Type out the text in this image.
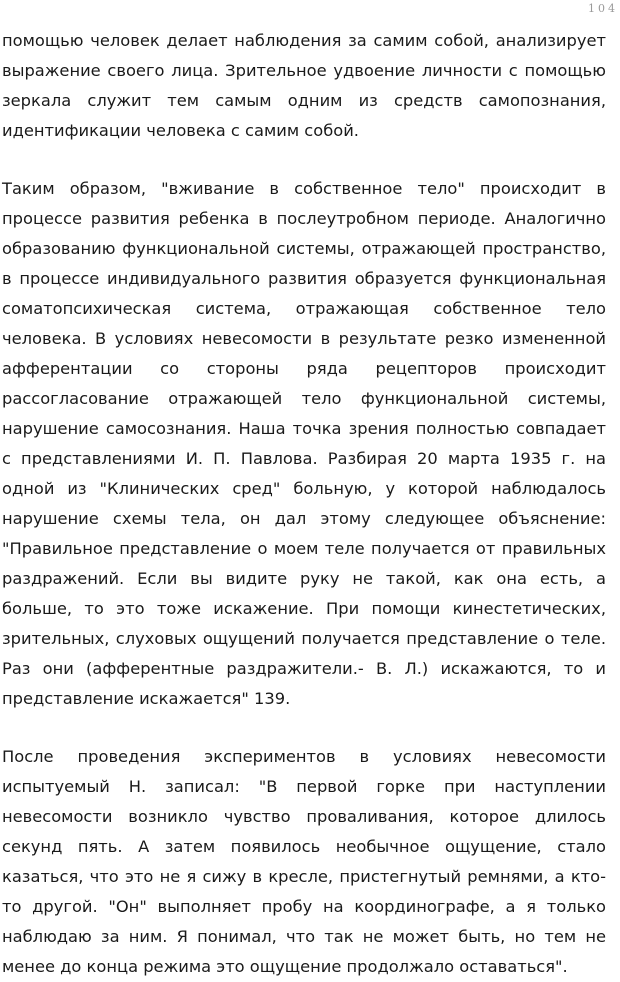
104
помощью человек делает наблюдения за самим собой, анализирует
выражение своего лица. Зрительное удвоение личности с помощью
зеркала служит тем самым одним из средств самопознания,
идентификации человека с самим собой.
Таким образом, "вживание в собственное тело" происходит в
процессе развития ребенка в послеутробном периоде. Аналогично
образованию функциональной системы, отражающей пространство,
в процессе индивидуального развития образуется функциональная
соматопсихическая система, отражающая собственное тело
человека. В условиях невесомости в результате резко измененной
афферентации со стороны ряда рецепторов происходит
рассогласование отражающей тело функциональной системы,
нарушение самосознания. Наша точка зрения полностью совпадает
с представлениями И. П. Павлова. Разбирая 20 марта 1935 г. на
одной из "Клинических сред" больную, у которой наблюдалось
нарушение схемы тела, он дал этому следующее объяснение:
"Правильное представление о моем теле получается от правильных
раздражений. Если вы видите руку не такой, как она есть, а
больше, то это тоже искажение. При помощи кинестетических,
зрительных, слуховых ощущений получается представление о теле.
Раз они (афферентные раздражители.- В. Л.) искажаются, то и
представление искажается" 139.
После проведения экспериментов в условиях невесомости
испытуемый Н. записал: "В первой горке при наступлении
невесомости возникло чувство проваливания, которое длилось
секунд пять. А затем появилось необычное ощущение, стало
казаться, что это не я сижу в кресле, пристегнутый ремнями, а кто-
то другой. "Он" выполняет пробу на координографе, а я только
наблюдаю за ним. Я понимал, что так не может быть, но тем не
менее до конца режима это ощущение продолжало оставаться".
